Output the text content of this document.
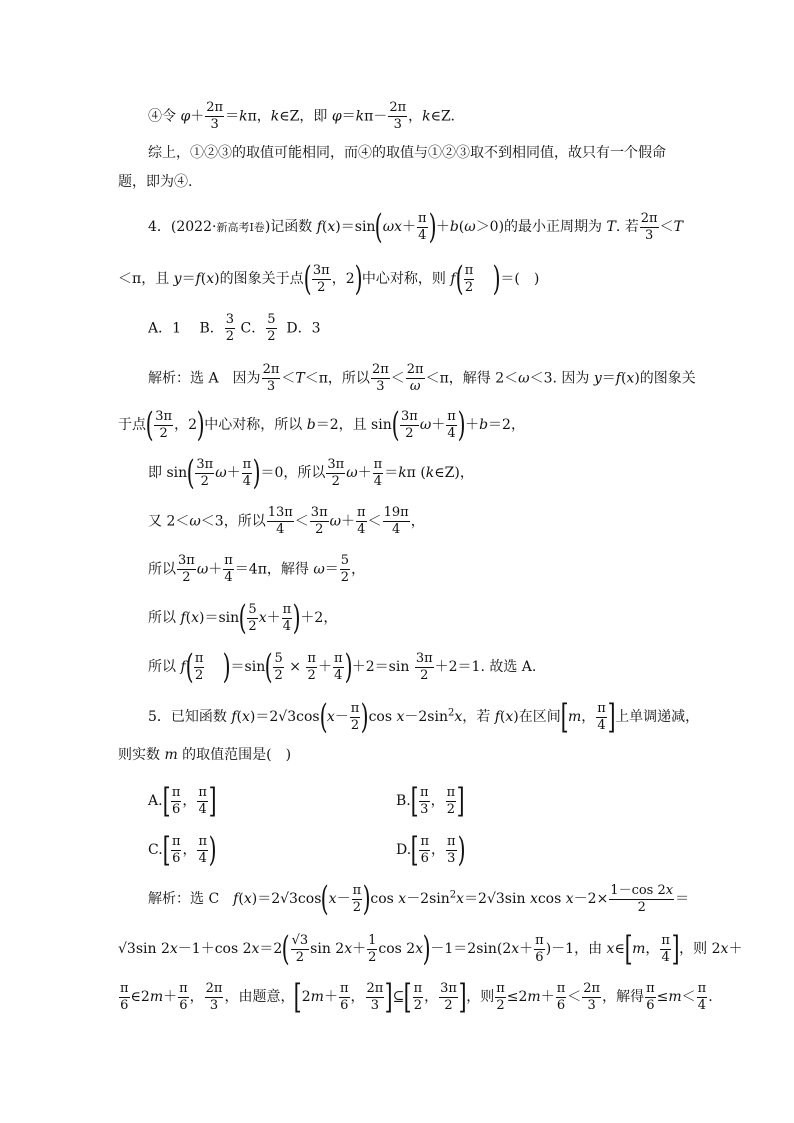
④令 $\varphi+ \frac{2\pi}{3} =k\pi$，k∈Z，即 $\varphi=k\pi- \frac{2\pi}{3}$ ，k∈Z.
综上，①②③的取值可能相同，而④的取值与①②③取不到相同值，故只有一个假命
题，即为④.
4．(2022·新高考Ⅰ卷)记函数 $f(x)=\sin(\omega x+ \frac{\pi}{4} )+b(\omega>0)$的最小正周期为 T. 若 $\frac{2\pi}{3} <T$
＜π，且 y＝f(x)的图象关于点( $\frac{3\pi}{2}$ ，2)中心对称，则 $f( \frac{\pi}{2}$ )＝(　)
A．1　 B． $\frac{3}{2}$ C． $\frac{5}{2}$ D．3
解析：选 A　因为 $\frac{2\pi}{3} <T<\pi$，所以 $\frac{2\pi}{3} < \frac{2\pi}{\omega} <\pi$，解得 2＜ω＜3. 因为 y＝f(x)的图象关
于点( $\frac{3\pi}{2}$ ，2)中心对称，所以 b＝2，且 $\sin( \frac{3\pi}{2} \omega+ \frac{\pi}{4} )+b=2$，
即 $\sin( \frac{3\pi}{2} \omega+ \frac{\pi}{4} )=0$，所以 $\frac{3\pi}{2} \omega+ \frac{\pi}{4} =k\pi$ (k∈Z)，
又 2＜ω＜3，所以 $\frac{13\pi}{4} < \frac{3\pi}{2} \omega+ \frac{\pi}{4} < \frac{19\pi}{4}$ ，
所以 $\frac{3\pi}{2} \omega+ \frac{\pi}{4} =4\pi$，解得 $\omega= \frac{5}{2}$ ，
所以 $f(x)=\sin( \frac{5}{2} x+ \frac{\pi}{4} )+2$，
所以 $f( \frac{\pi}{2} )=\sin( \frac{5}{2} \times \frac{\pi}{2} + \frac{\pi}{4} )+2=\sin \frac{3\pi}{2} +2=1$. 故选 A.
5．已知函数 $f(x)=2√3\cos(x- \frac{\pi}{2} )\cos$ $x-2\sin^2x$，若 f(x)在区间[m， $\frac{\pi}{4}$ ]上单调递减，
则实数 m 的取值范围是(　)
$A.[ \frac{\pi}{6}$ ， $\frac{\pi}{4}$ ]	$B.[ \frac{\pi}{3}$ ， $\frac{\pi}{2}$ ]
$C.[ \frac{\pi}{6}$ ， $\frac{\pi}{4}$ )	$D.[ \frac{\pi}{6}$ ， $\frac{\pi}{3}$ )
解析：选 C　$f(x)=2√3\cos(x- \frac{\pi}{2} )\cos$ $x-2\sin^2x=2√3\sin$ xcos $x-2\times \frac{1-\cos 2x}{2}$ ＝
√3sin 2x－1＋cos $2x=2( \frac{√3}{2}$ $\sin 2x+ \frac{1}{2}$ $\cos 2x)-1=2\sin(2x+ \frac{\pi}{6} )-1$，由 x∈[m， $\frac{\pi}{4}$ ]，则 2x＋
$\frac{\pi}{6}$ ∈2m＋ $\frac{\pi}{6}$ ， $\frac{2\pi}{3}$ ，由题意，[$2m+ \frac{\pi}{6}$ ， $\frac{2\pi}{3}$ ]⊆[ $\frac{\pi}{2}$ ， $\frac{3\pi}{2}$ ]，则 $\frac{\pi}{2} \le 2m+ \frac{\pi}{6} < \frac{2\pi}{3}$ ，解得 $\frac{\pi}{6} \le m< \frac{\pi}{4}$ .
